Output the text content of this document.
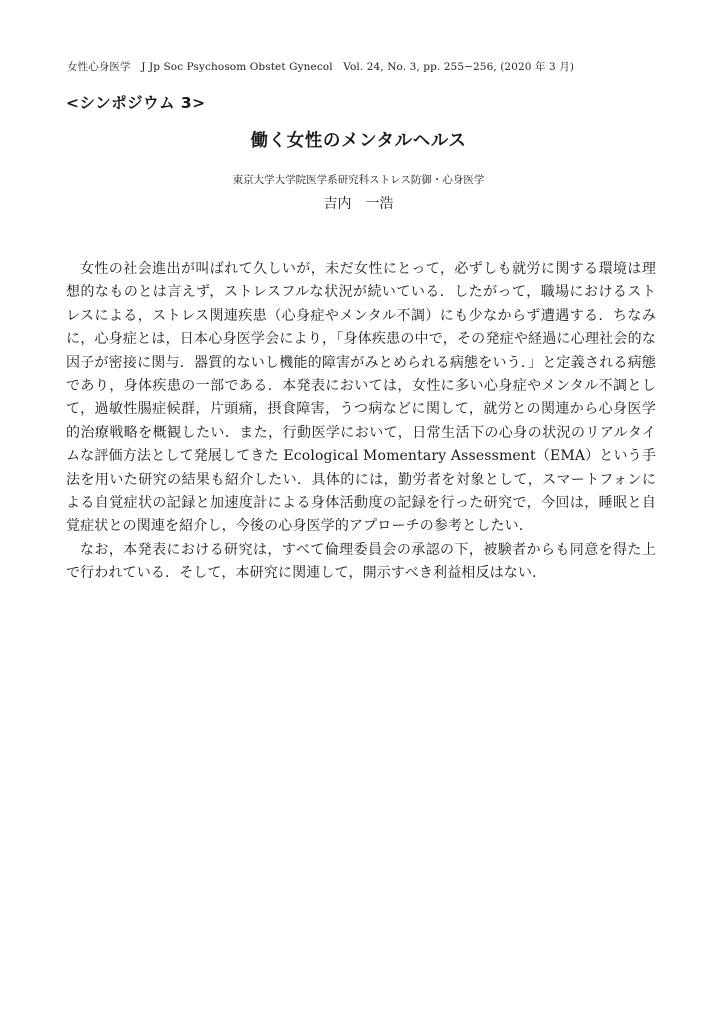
女性心身医学　J Jp Soc Psychosom Obstet Gynecol　Vol. 24, No. 3, pp. 255−256, (2020 年 3 月)
<シンポジウム 3>
働く女性のメンタルヘルス
東京大学大学院医学系研究科ストレス防御・心身医学
吉内　一浩

女性の社会進出が叫ばれて久しいが，未だ女性にとって，必ずしも就労に関する環境は理想的なものとは言えず，ストレスフルな状況が続いている．したがって，職場におけるストレスによる，ストレス関連疾患（心身症やメンタル不調）にも少なからず遭遇する．ちなみに，心身症とは，日本心身医学会により，「身体疾患の中で，その発症や経過に心理社会的な因子が密接に関与．器質的ないし機能的障害がみとめられる病態をいう．」と定義される病態であり，身体疾患の一部である．本発表においては，女性に多い心身症やメンタル不調として，過敏性腸症候群，片頭痛，摂食障害，うつ病などに関して，就労との関連から心身医学的治療戦略を概観したい．また，行動医学において，日常生活下の心身の状況のリアルタイムな評価方法として発展してきた Ecological Momentary Assessment（EMA）という手法を用いた研究の結果も紹介したい．具体的には，勤労者を対象として，スマートフォンによる自覚症状の記録と加速度計による身体活動度の記録を行った研究で，今回は，睡眠と自覚症状との関連を紹介し，今後の心身医学的アプローチの参考としたい．

なお，本発表における研究は，すべて倫理委員会の承認の下，被験者からも同意を得た上で行われている．そして，本研究に関連して，開示すべき利益相反はない．
